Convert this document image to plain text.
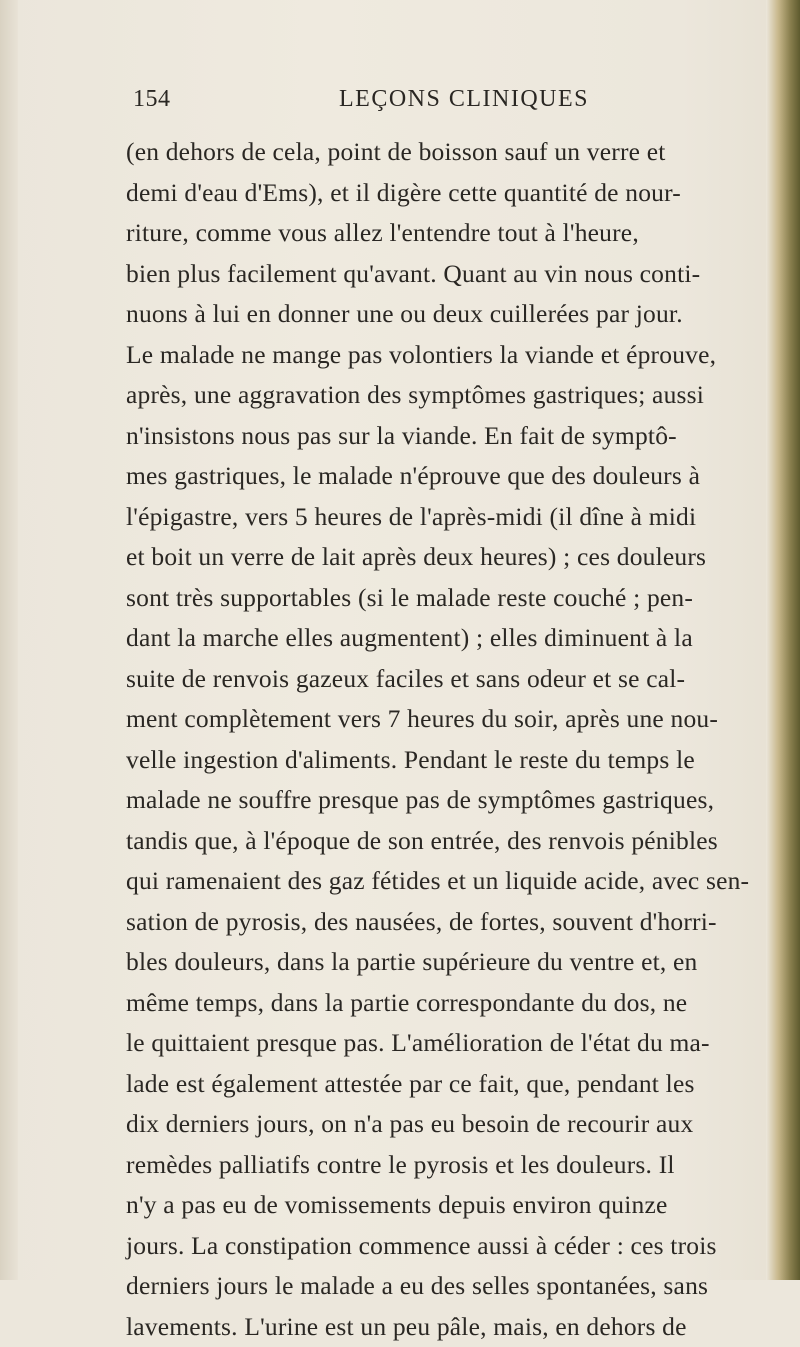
154	LEÇONS CLINIQUES
(en dehors de cela, point de boisson sauf un verre et
demi d'eau d'Ems), et il digère cette quantité de nour-
riture, comme vous allez l'entendre tout à l'heure,
bien plus facilement qu'avant. Quant au vin nous conti-
nuons à lui en donner une ou deux cuillerées par jour.
Le malade ne mange pas volontiers la viande et éprouve,
après, une aggravation des symptômes gastriques; aussi
n'insistons nous pas sur la viande. En fait de symptô-
mes gastriques, le malade n'éprouve que des douleurs à
l'épigastre, vers 5 heures de l'après-midi (il dîne à midi
et boit un verre de lait après deux heures) ; ces douleurs
sont très supportables (si le malade reste couché ; pen-
dant la marche elles augmentent) ; elles diminuent à la
suite de renvois gazeux faciles et sans odeur et se cal-
ment complètement vers 7 heures du soir, après une nou-
velle ingestion d'aliments. Pendant le reste du temps le
malade ne souffre presque pas de symptômes gastriques,
tandis que, à l'époque de son entrée, des renvois pénibles
qui ramenaient des gaz fétides et un liquide acide, avec sen-
sation de pyrosis, des nausées, de fortes, souvent d'horri-
bles douleurs, dans la partie supérieure du ventre et, en
même temps, dans la partie correspondante du dos, ne
le quittaient presque pas. L'amélioration de l'état du ma-
lade est également attestée par ce fait, que, pendant les
dix derniers jours, on n'a pas eu besoin de recourir aux
remèdes palliatifs contre le pyrosis et les douleurs. Il
n'y a pas eu de vomissements depuis environ quinze
jours. La constipation commence aussi à céder : ces trois
derniers jours le malade a eu des selles spontanées, sans
lavements. L'urine est un peu pâle, mais, en dehors de
